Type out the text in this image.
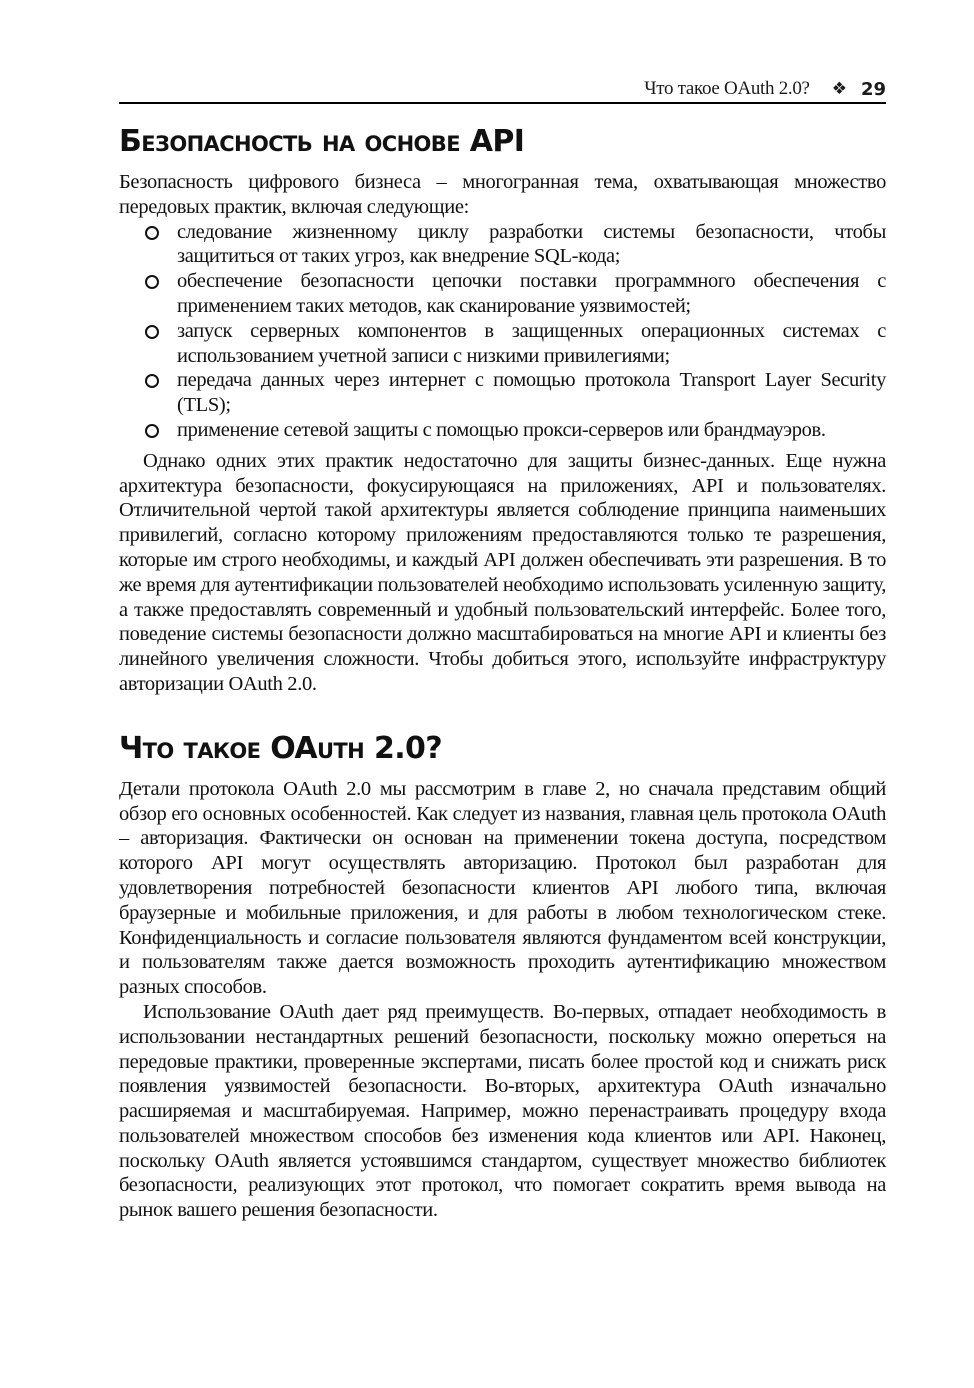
Что такое OAuth 2.0? ❖ 29
Безопасность на основе API

Безопасность цифрового бизнеса – многогранная тема, охватывающая множество передовых практик, включая следующие:

следование жизненному циклу разработки системы безопасности, чтобы защититься от таких угроз, как внедрение SQL-кода;
обеспечение безопасности цепочки поставки программного обеспечения с применением таких методов, как сканирование уязвимостей;
запуск серверных компонентов в защищенных операционных системах с использованием учетной записи с низкими привилегиями;
передача данных через интернет с помощью протокола Transport Layer Security (TLS);
применение сетевой защиты с помощью прокси-серверов или брандмауэров.

Однако одних этих практик недостаточно для защиты бизнес-данных. Еще нужна архитектура безопасности, фокусирующаяся на приложениях, API и пользователях. Отличительной чертой такой архитектуры является соблюдение принципа наименьших привилегий, согласно которому приложениям предоставляются только те разрешения, которые им строго необходимы, и каждый API должен обеспечивать эти разрешения. В то же время для аутентификации пользователей необходимо использовать усиленную защиту, а также предоставлять современный и удобный пользовательский интерфейс. Более того, поведение системы безопасности должно масштабироваться на многие API и клиенты без линейного увеличения сложности. Чтобы добиться этого, используйте инфраструктуру авторизации OAuth 2.0.

Что такое OAuth 2.0?

Детали протокола OAuth 2.0 мы рассмотрим в главе 2, но сначала представим общий обзор его основных особенностей. Как следует из названия, главная цель протокола OAuth – авторизация. Фактически он основан на применении токена доступа, посредством которого API могут осуществлять авторизацию. Протокол был разработан для удовлетворения потребностей безопасности клиентов API любого типа, включая браузерные и мобильные приложения, и для работы в любом технологическом стеке. Конфиденциальность и согласие пользователя являются фундаментом всей конструкции, и пользователям также дается возможность проходить аутентификацию множеством разных способов.

Использование OAuth дает ряд преимуществ. Во-первых, отпадает необходимость в использовании нестандартных решений безопасности, поскольку можно опереться на передовые практики, проверенные экспертами, писать более простой код и снижать риск появления уязвимостей безопасности. Во-вторых, архитектура OAuth изначально расширяемая и масштабируемая. Например, можно перенастраивать процедуру входа пользователей множеством способов без изменения кода клиентов или API. Наконец, поскольку OAuth является устоявшимся стандартом, существует множество библиотек безопасности, реализующих этот протокол, что помогает сократить время вывода на рынок вашего решения безопасности.
